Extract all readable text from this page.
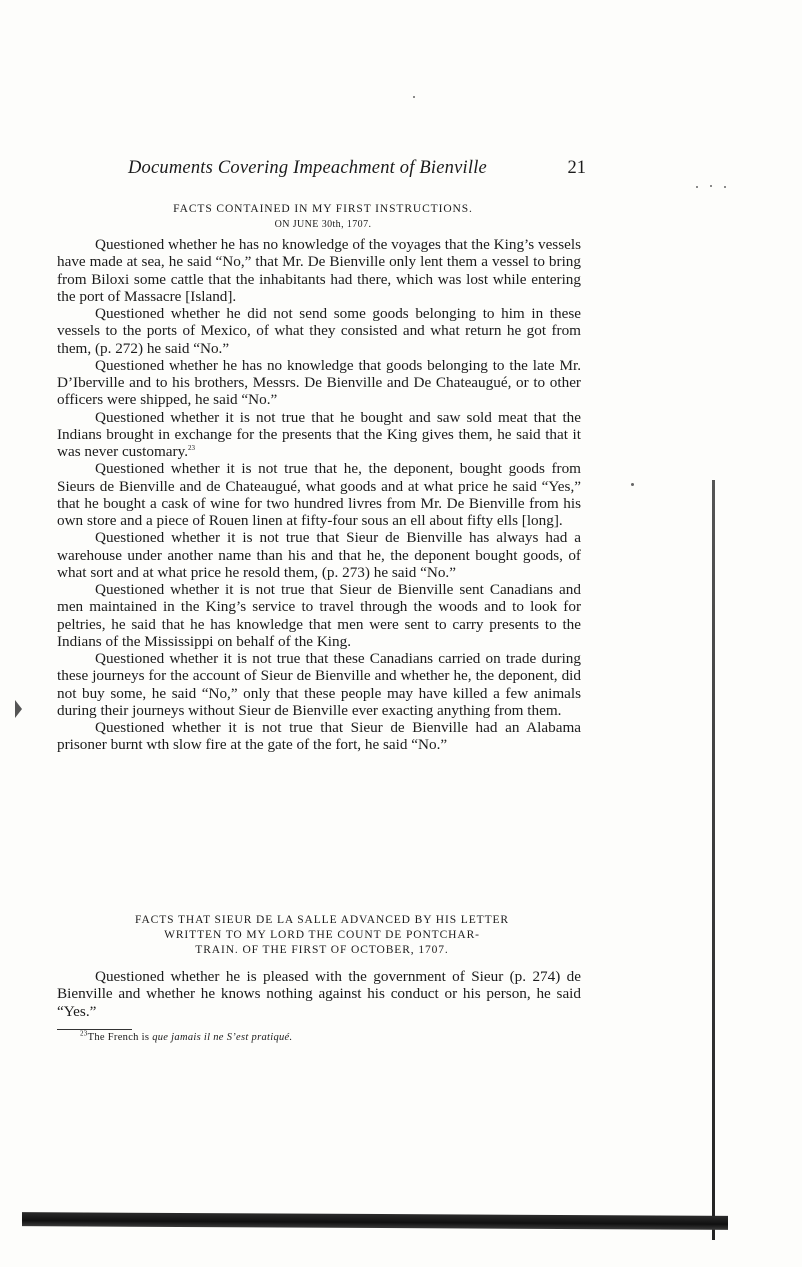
Documents Covering Impeachment of Bienville	21
FACTS CONTAINED IN MY FIRST INSTRUCTIONS.
ON JUNE 30th, 1707.

Questioned whether he has no knowledge of the voyages that the King’s vessels have made at sea, he said “No,” that Mr. De Bienville only lent them a vessel to bring from Biloxi some cattle that the inhabitants had there, which was lost while entering the port of Massacre [Island].

Questioned whether he did not send some goods belonging to him in these vessels to the ports of Mexico, of what they consisted and what return he got from them, (p. 272) he said “No.”

Questioned whether he has no knowledge that goods belonging to the late Mr. D’Iberville and to his brothers, Messrs. De Bienville and De Chateaugué, or to other officers were shipped, he said “No.”

Questioned whether it is not true that he bought and saw sold meat that the Indians brought in exchange for the presents that the King gives them, he said that it was never customary.$^{23}$

Questioned whether it is not true that he, the deponent, bought goods from Sieurs de Bienville and de Chateaugué, what goods and at what price he said “Yes,” that he bought a cask of wine for two hundred livres from Mr. De Bienville from his own store and a piece of Rouen linen at fifty-four sous an ell about fifty ells [long].

Questioned whether it is not true that Sieur de Bienville has always had a warehouse under another name than his and that he, the deponent bought goods, of what sort and at what price he resold them, (p. 273) he said “No.”

Questioned whether it is not true that Sieur de Bienville sent Canadians and men maintained in the King’s service to travel through the woods and to look for peltries, he said that he has knowledge that men were sent to carry presents to the Indians of the Mississippi on behalf of the King.

Questioned whether it is not true that these Canadians carried on trade during these journeys for the account of Sieur de Bienville and whether he, the deponent, did not buy some, he said “No,” only that these people may have killed a few animals during their journeys without Sieur de Bienville ever exacting anything from them.

Questioned whether it is not true that Sieur de Bienville had an Alabama prisoner burnt wth slow fire at the gate of the fort, he said “No.”

FACTS THAT SIEUR DE LA SALLE ADVANCED BY HIS LETTER
WRITTEN TO MY LORD THE COUNT DE PONTCHAR-
TRAIN. OF THE FIRST OF OCTOBER, 1707.

Questioned whether he is pleased with the government of Sieur (p. 274) de Bienville and whether he knows nothing against his conduct or his person, he said “Yes.”

$^{23}$The French is que jamais il ne S’est pratiqué.
